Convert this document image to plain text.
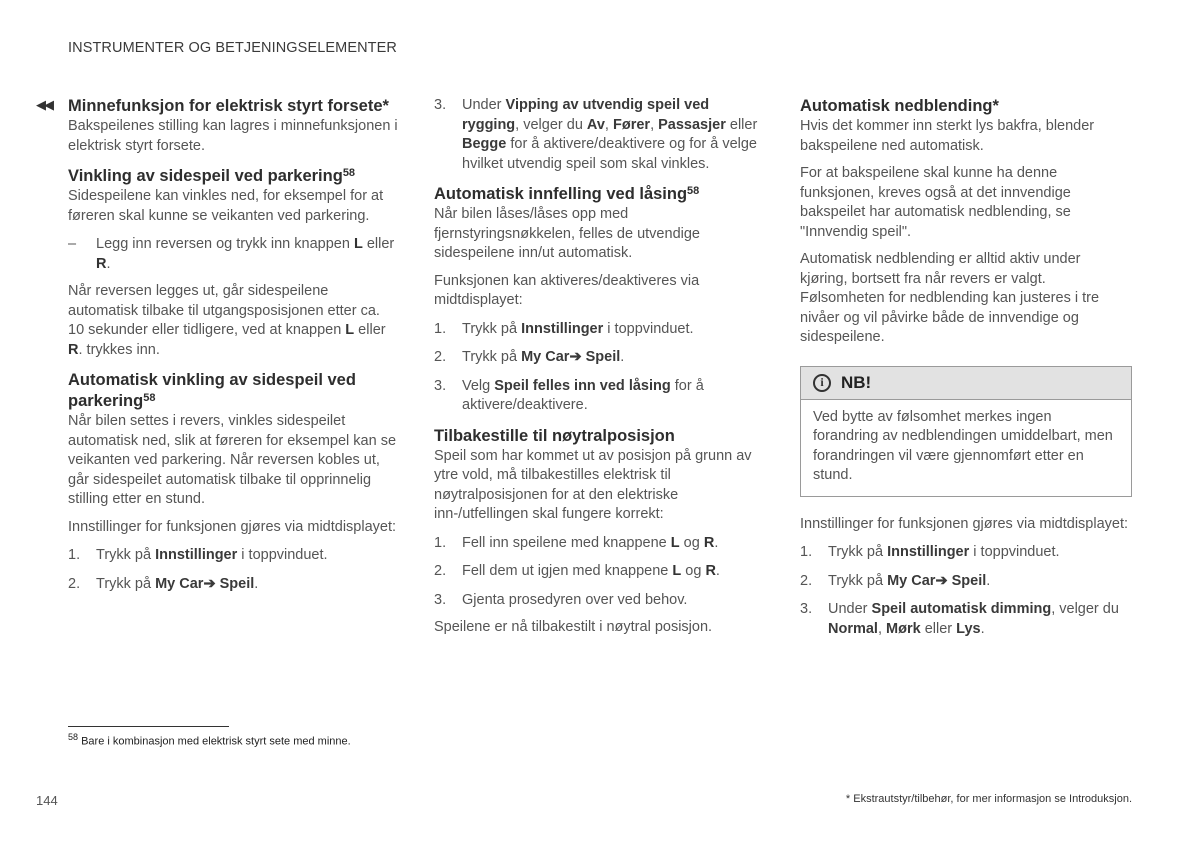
INSTRUMENTER OG BETJENINGSELEMENTER
◀◀ Minnefunksjon for elektrisk styrt forsete*

Bakspeilenes stilling kan lagres i minnefunksjonen i elektrisk styrt forsete.

Vinkling av sidespeil ved parkering$^{58}$

Sidespeilene kan vinkles ned, for eksempel for at føreren skal kunne se veikanten ved parkering.

–	Legg inn reversen og trykk inn knappen L eller R.

Når reversen legges ut, går sidespeilene automatisk tilbake til utgangsposisjonen etter ca. 10 sekunder eller tidligere, ved at knappen L eller R. trykkes inn.

Automatisk vinkling av sidespeil ved parkering$^{58}$

Når bilen settes i revers, vinkles sidespeilet automatisk ned, slik at føreren for eksempel kan se veikanten ved parkering. Når reversen kobles ut, går sidespeilet automatisk tilbake til opprinnelig stilling etter en stund.

Innstillinger for funksjonen gjøres via midtdisplayet:

1.	Trykk på Innstillinger i toppvinduet.
2.	Trykk på My Car➔ Speil.
3.	Under Vipping av utvendig speil ved rygging, velger du Av, Fører, Passasjer eller Begge for å aktivere/deaktivere og for å velge hvilket utvendig speil som skal vinkles.
Automatisk innfelling ved låsing$^{58}$

Når bilen låses/låses opp med fjernstyringsnøkkelen, felles de utvendige sidespeilene inn/ut automatisk.

Funksjonen kan aktiveres/deaktiveres via midtdisplayet:

1.	Trykk på Innstillinger i toppvinduet.
2.	Trykk på My Car➔ Speil.
3.	Velg Speil felles inn ved låsing for å aktivere/deaktivere.
Tilbakestille til nøytralposisjon

Speil som har kommet ut av posisjon på grunn av ytre vold, må tilbakestilles elektrisk til nøytralposisjonen for at den elektriske inn-/utfellingen skal fungere korrekt:

1.	Fell inn speilene med knappene L og R.
2.	Fell dem ut igjen med knappene L og R.
3.	Gjenta prosedyren over ved behov.

Speilene er nå tilbakestilt i nøytral posisjon.

Automatisk nedblending*

Hvis det kommer inn sterkt lys bakfra, blender bakspeilene ned automatisk.

For at bakspeilene skal kunne ha denne funksjonen, kreves også at det innvendige bakspeilet har automatisk nedblending, se "Innvendig speil".

Automatisk nedblending er alltid aktiv under kjøring, bortsett fra når revers er valgt. Følsomheten for nedblending kan justeres i tre nivåer og vil påvirke både de innvendige og sidespeilene.

i	NB!

Ved bytte av følsomhet merkes ingen forandring av nedblendingen umiddelbart, men forandringen vil være gjennomført etter en stund.

Innstillinger for funksjonen gjøres via midtdisplayet:

1.	Trykk på Innstillinger i toppvinduet.
2.	Trykk på My Car➔ Speil.
3.	Under Speil automatisk dimming, velger du Normal, Mørk eller Lys.
$^{58}$ Bare i kombinasjon med elektrisk styrt sete med minne.
144	* Ekstrautstyr/tilbehør, for mer informasjon se Introduksjon.
